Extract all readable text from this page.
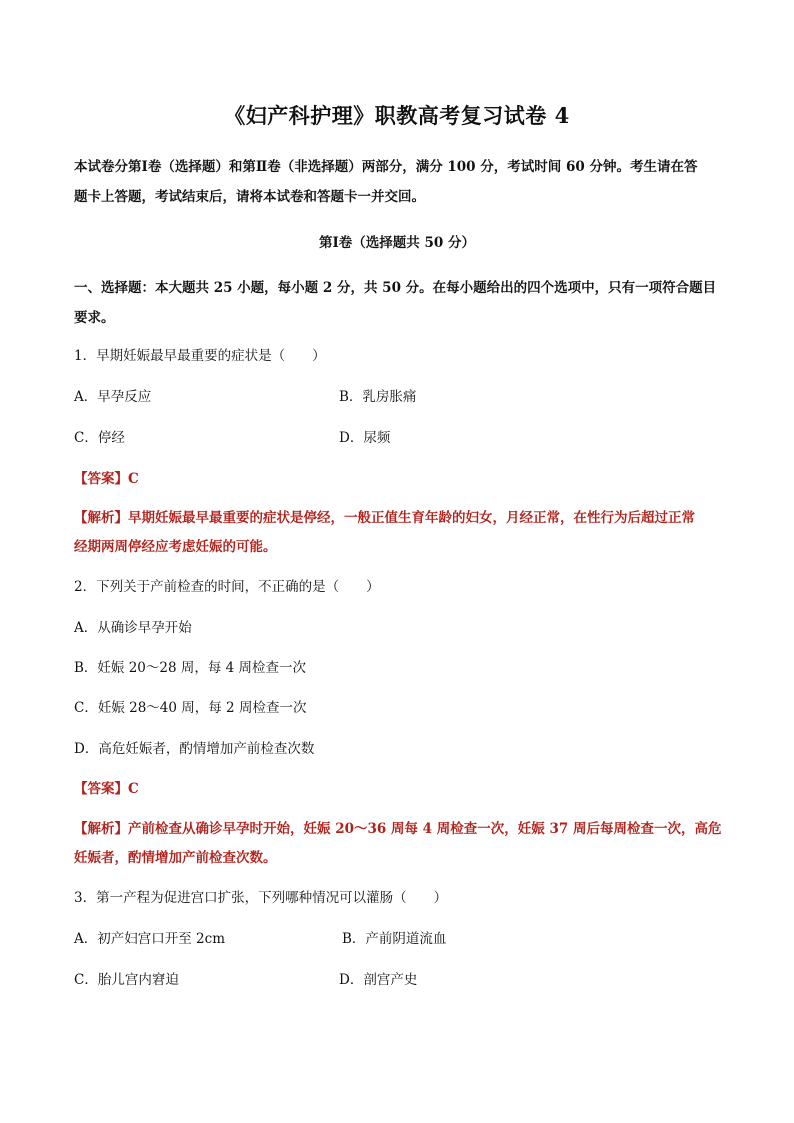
《妇产科护理》职教高考复习试卷 4
本试卷分第Ⅰ卷（选择题）和第Ⅱ卷（非选择题）两部分，满分 100 分，考试时间 60 分钟。考生请在答
题卡上答题，考试结束后，请将本试卷和答题卡一并交回。
第Ⅰ卷（选择题共 50 分）
一、选择题：本大题共 25 小题，每小题 2 分，共 50 分。在每小题给出的四个选项中，只有一项符合题目
要求。
1．早期妊娠最早最重要的症状是（　　）
A．早孕反应	B．乳房胀痛
C．停经	D．尿频
【答案】C
【解析】早期妊娠最早最重要的症状是停经，一般正值生育年龄的妇女，月经正常，在性行为后超过正常
经期两周停经应考虑妊娠的可能。
2．下列关于产前检查的时间，不正确的是（　　）
A．从确诊早孕开始
B．妊娠 20～28 周，每 4 周检查一次
C．妊娠 28～40 周，每 2 周检查一次
D．高危妊娠者，酌情增加产前检查次数
【答案】C
【解析】产前检查从确诊早孕时开始，妊娠 20～36 周每 4 周检查一次，妊娠 37 周后每周检查一次，高危
妊娠者，酌情增加产前检查次数。
3．第一产程为促进宫口扩张，下列哪种情况可以灌肠（　　）
A．初产妇宫口开至 2cm	B．产前阴道流血
C．胎儿宫内窘迫	D．剖宫产史
